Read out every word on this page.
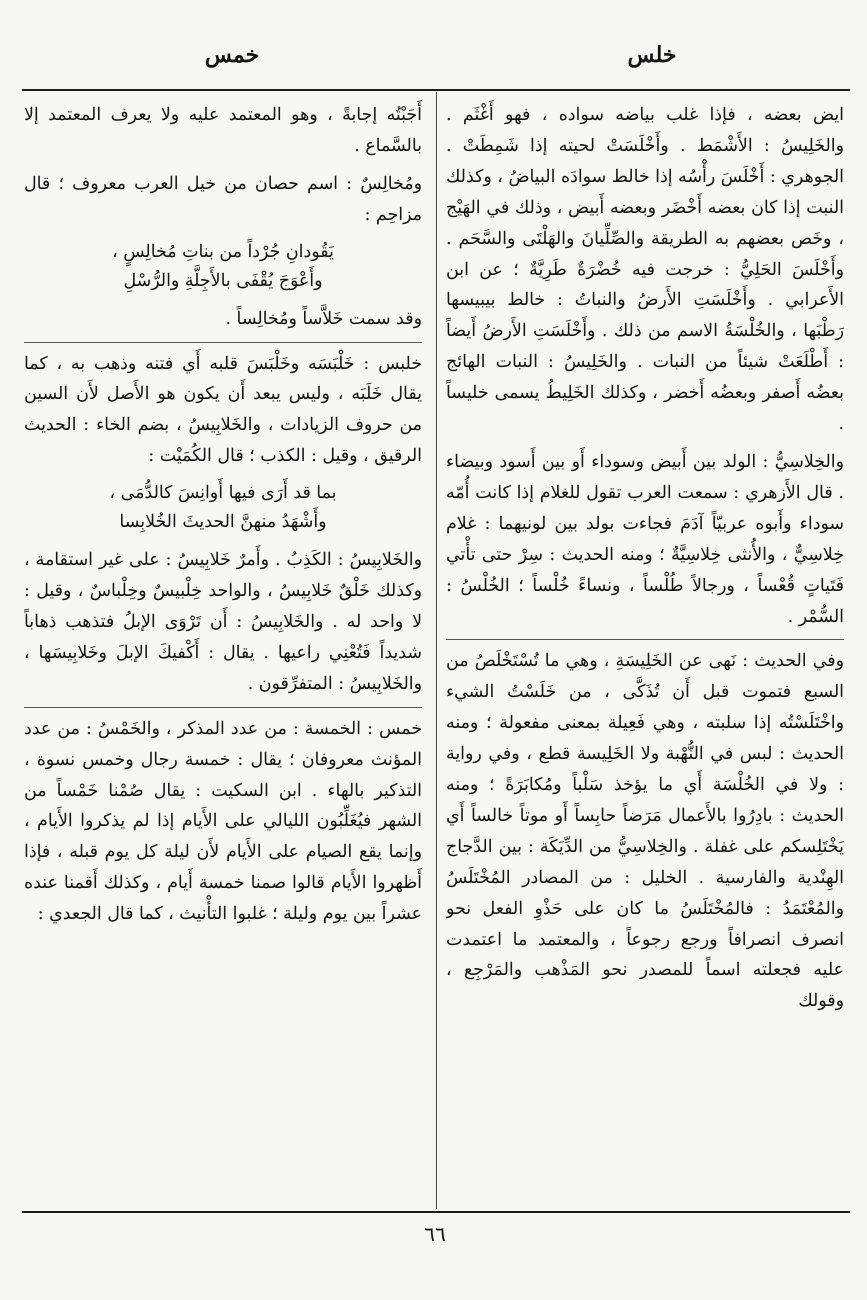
خلس
خمس

ايض بعضه ، فإذا غلب بياضه سواده ، فهو أَغْثَم . والخَلِيسُ : الأَشْمَط . وأَخْلَسَتْ لحيته إذا شَمِطَتْ . الجوهري : أَخْلَسَ رأْسُه إذا خالط سوادَه البياضُ ، وكذلك النبت إذا كان بعضه أَخْضَر وبعضه أَبيض ، وذلك في الهَيْج ، وخَص بعضهم به الطريقة والصِّلِّيانَ والهَلْتَى والسَّحَم . وأَخْلَسَ الحَلِيُّ : خرجت فيه خُضْرَةٌ طَرِيَّةٌ ؛ عن ابن الأَعرابي . وأَخْلَسَتِ الأَرضُ والنباتُ : خالط بيبيسها رَطْبَها ، والخُلْسَةُ الاسم من ذلك . وأَخْلَسَتِ الأَرضُ أَيضاً : أَطْلَعَتْ شيئاً من النبات . والخَلِيسُ : النبات الهائج بعضُه أَصفر وبعضُه أَخضر ، وكذلك الخَلِيطُ يسمى خليساً .

والخِلاسِيُّ : الولد بين أَبيض وسوداء أَو بين أَسود وبيضاء . قال الأَزهري : سمعت العرب تقول للغلام إذا كانت أُمّه سوداء وأَبوه عربيّاً آدَمَ فجاءت بولد بين لونيهما : غلام خِلاسِيٌّ ، والأُنثى خِلاسِيَّةٌ ؛ ومنه الحديث : سِرْ حتى تأْتي فَتَياتٍ قُعْساً ، ورجالاً طُلْساً ، ونساءً خُلْساً ؛ الخُلْسُ : السُّمْر .

وفي الحديث : نَهى عن الخَلِيسَةِ ، وهي ما تُسْتَخْلَصُ من السبع فتموت قبل أَن تُذَكَّى ، من خَلَسْتُ الشيء واخْتَلَسْتُه إذا سلبته ، وهي فَعِيلة بمعنى مفعولة ؛ ومنه الحديث : لبس في النُّهْبة ولا الخَلِيسة قطع ، وفي رواية : ولا في الخُلْسَة أَي ما يؤخذ سَلْباً ومُكابَرَةً ؛ ومنه الحديث : بادِرُوا بالأَعمال مَرَضاً حابِساً أَو موتاً خالساً أَي يَخْتَلِسكم على غفلة . والخِلاسِيُّ من الدِّيَكَة : بين الدَّجاج الهِنْدية والفارسية . الخليل : من المصادر المُخْتَلَسُ والمُعْتَمَدُ : فالمُخْتَلَسُ ما كان على حَذْوِ الفعل نحو انصرف انصرافاً ورجع رجوعاً ، والمعتمد ما اعتمدت عليه فجعلته اسماً للمصدر نحو المَذْهب والمَرْجِع ، وقولك

أَجَبْتُه إجابةً ، وهو المعتمد عليه ولا يعرف المعتمد إلا بالسَّماع .

ومُخالِسٌ : اسم حصان من خيل العرب معروف ؛ قال مزاحِم :

يَقُودانِ جُرْداً من بناتِ مُخالِسٍ ،
وأَعْوَجَ يُقْفَى بالأَجِلَّةِ والرُّسْلِ

وقد سمت خَلاَّساً ومُخالِساً .

خلبس : خَلْبَسَه وخَلْبَسَ قلبه أَي فتنه وذهب به ، كما يقال خَلَبَه ، وليس يبعد أَن يكون هو الأَصل لأَن السين من حروف الزيادات ، والخَلابِيسُ ، بضم الخاء : الحديث الرقيق ، وقيل : الكذب ؛ قال الكُمَيْت :

بما قد أَرَى فيها أَوانِسَ كالدُّمَى ،
وأَشْهَدُ منهنَّ الحديثَ الخُلابِسا

والخَلابِيسُ : الكَذِبُ . وأَمرٌ خَلابِيسُ : على غير استقامة ، وكذلك خَلْقٌ خَلابِيسُ ، والواحد خِلْبيسٌ وخِلْباسٌ ، وقيل : لا واحد له . والخَلابِيسُ : أَن تَرْوَى الإبلُ فتذهب ذهاباً شديداً فَتُعْنِي راعيها . يقال : أَكْفيكَ الإبلَ وخَلابِيسَها ، والخَلابِيسُ : المتفرِّقون .

خمس : الخمسة : من عدد المذكر ، والخَمْسُ : من عدد المؤنث معروفان ؛ يقال : خمسة رجال وخمس نسوة ، التذكير بالهاء . ابن السكيت : يقال صُمْنا خَمْساً من الشهر فيُغَلِّبُون الليالي على الأَيام إذا لم يذكروا الأَيام ، وإنما يقع الصيام على الأَيام لأَن ليلة كل يوم قبله ، فإذا أَظهروا الأَيام قالوا صمنا خمسة أَيام ، وكذلك أَقمنا عنده عشراً بين يوم وليلة ؛ غلبوا التأْنيث ، كما قال الجعدي :

٦٦
